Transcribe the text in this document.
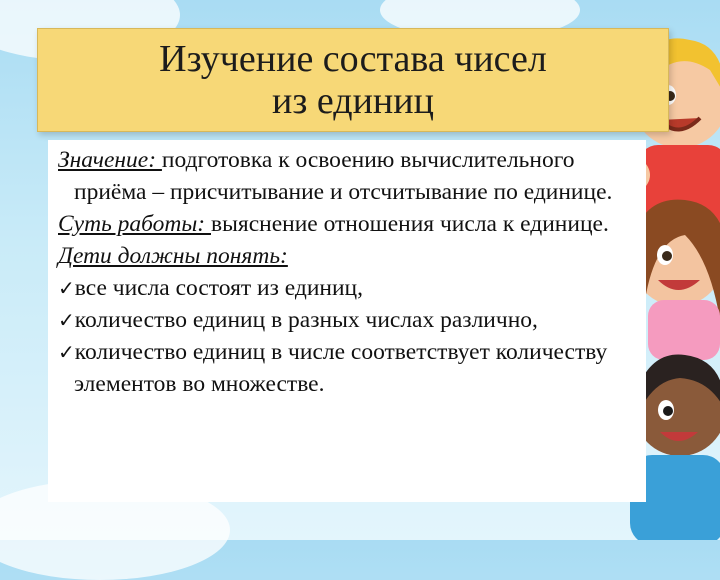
Изучение состава чисел
из единиц

Значение: подготовка к освоению вычислительного приёма – присчитывание и отсчитывание по единице.

Суть работы: выяснение отношения числа к единице.

Дети должны понять:

✓все числа состоят из единиц,

✓количество единиц в разных числах различно,

✓количество единиц в числе соответствует количеству элементов во множестве.
